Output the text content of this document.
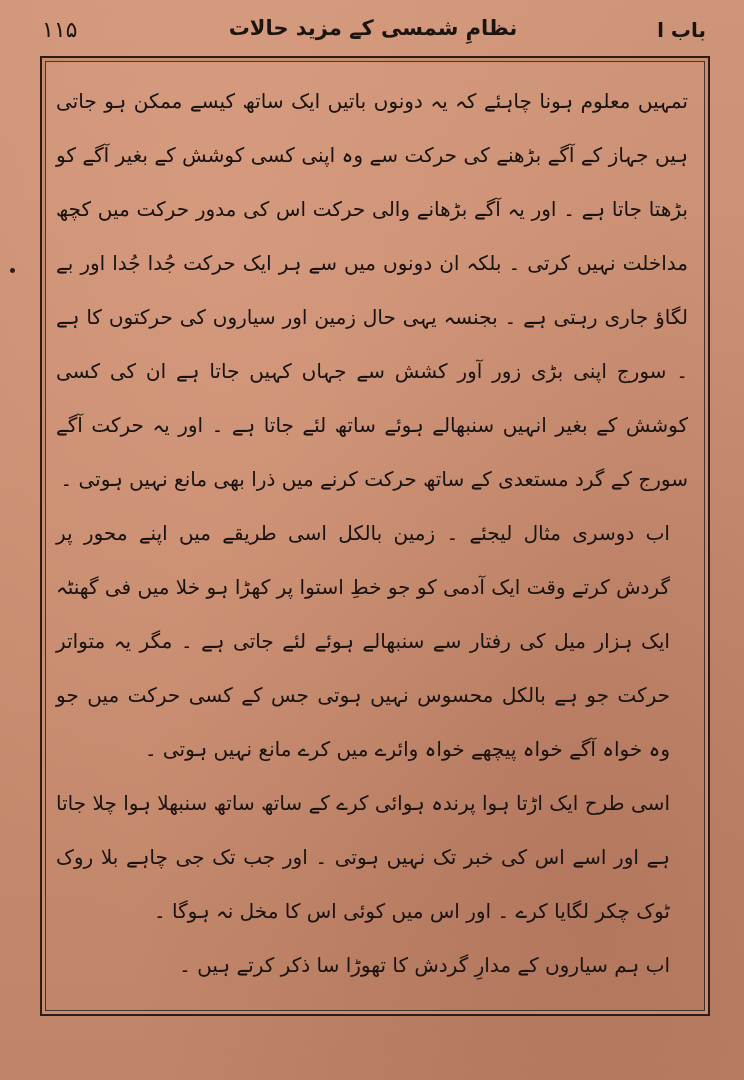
باب ا
نظامِ شمسی کے مزید حالات
۱۱۵

تمہیں معلوم ہونا چاہئے کہ یہ دونوں باتیں ایک ساتھ کیسے ممکن ہو جاتی ہیں جہاز کے آگے بڑھنے کی حرکت سے وہ اپنی کسی کوشش کے بغیر آگے کو بڑھتا جاتا ہے ۔ اور یہ آگے بڑھانے والی حرکت اس کی مدور حرکت میں کچھ مداخلت نہیں کرتی ۔ بلکہ ان دونوں میں سے ہر ایک حرکت جُدا جُدا اور بے لگاؤ جاری رہتی ہے ۔ بجنسہ یہی حال زمین اور سیاروں کی حرکتوں کا ہے ۔ سورج اپنی بڑی زور آور کشش سے جہاں کہیں جاتا ہے ان کی کسی کوشش کے بغیر انہیں سنبھالے ہوئے ساتھ لئے جاتا ہے ۔ اور یہ حرکت آگے سورج کے گرد مستعدی کے ساتھ حرکت کرنے میں ذرا بھی مانع نہیں ہوتی ۔

اب دوسری مثال لیجئے ۔ زمین بالکل اسی طریقے میں اپنے محور پر گردش کرتے وقت ایک آدمی کو جو خطِ استوا پر کھڑا ہو خلا میں فی گھنٹہ ایک ہزار میل کی رفتار سے سنبھالے ہوئے لئے جاتی ہے ۔ مگر یہ متواتر حرکت جو ہے بالکل محسوس نہیں ہوتی جس کے کسی حرکت میں جو وہ خواہ آگے خواہ پیچھے خواہ وائرے میں کرے مانع نہیں ہوتی ۔

اسی طرح ایک اڑتا ہوا پرندہ ہوائی کرے کے ساتھ ساتھ سنبھلا ہوا چلا جاتا ہے اور اسے اس کی خبر تک نہیں ہوتی ۔ اور جب تک جی چاہے بلا روک ٹوک چکر لگایا کرے ۔ اور اس میں کوئی اس کا مخل نہ ہوگا ۔

اب ہم سیاروں کے مدارِ گردش کا تھوڑا سا ذکر کرتے ہیں ۔
